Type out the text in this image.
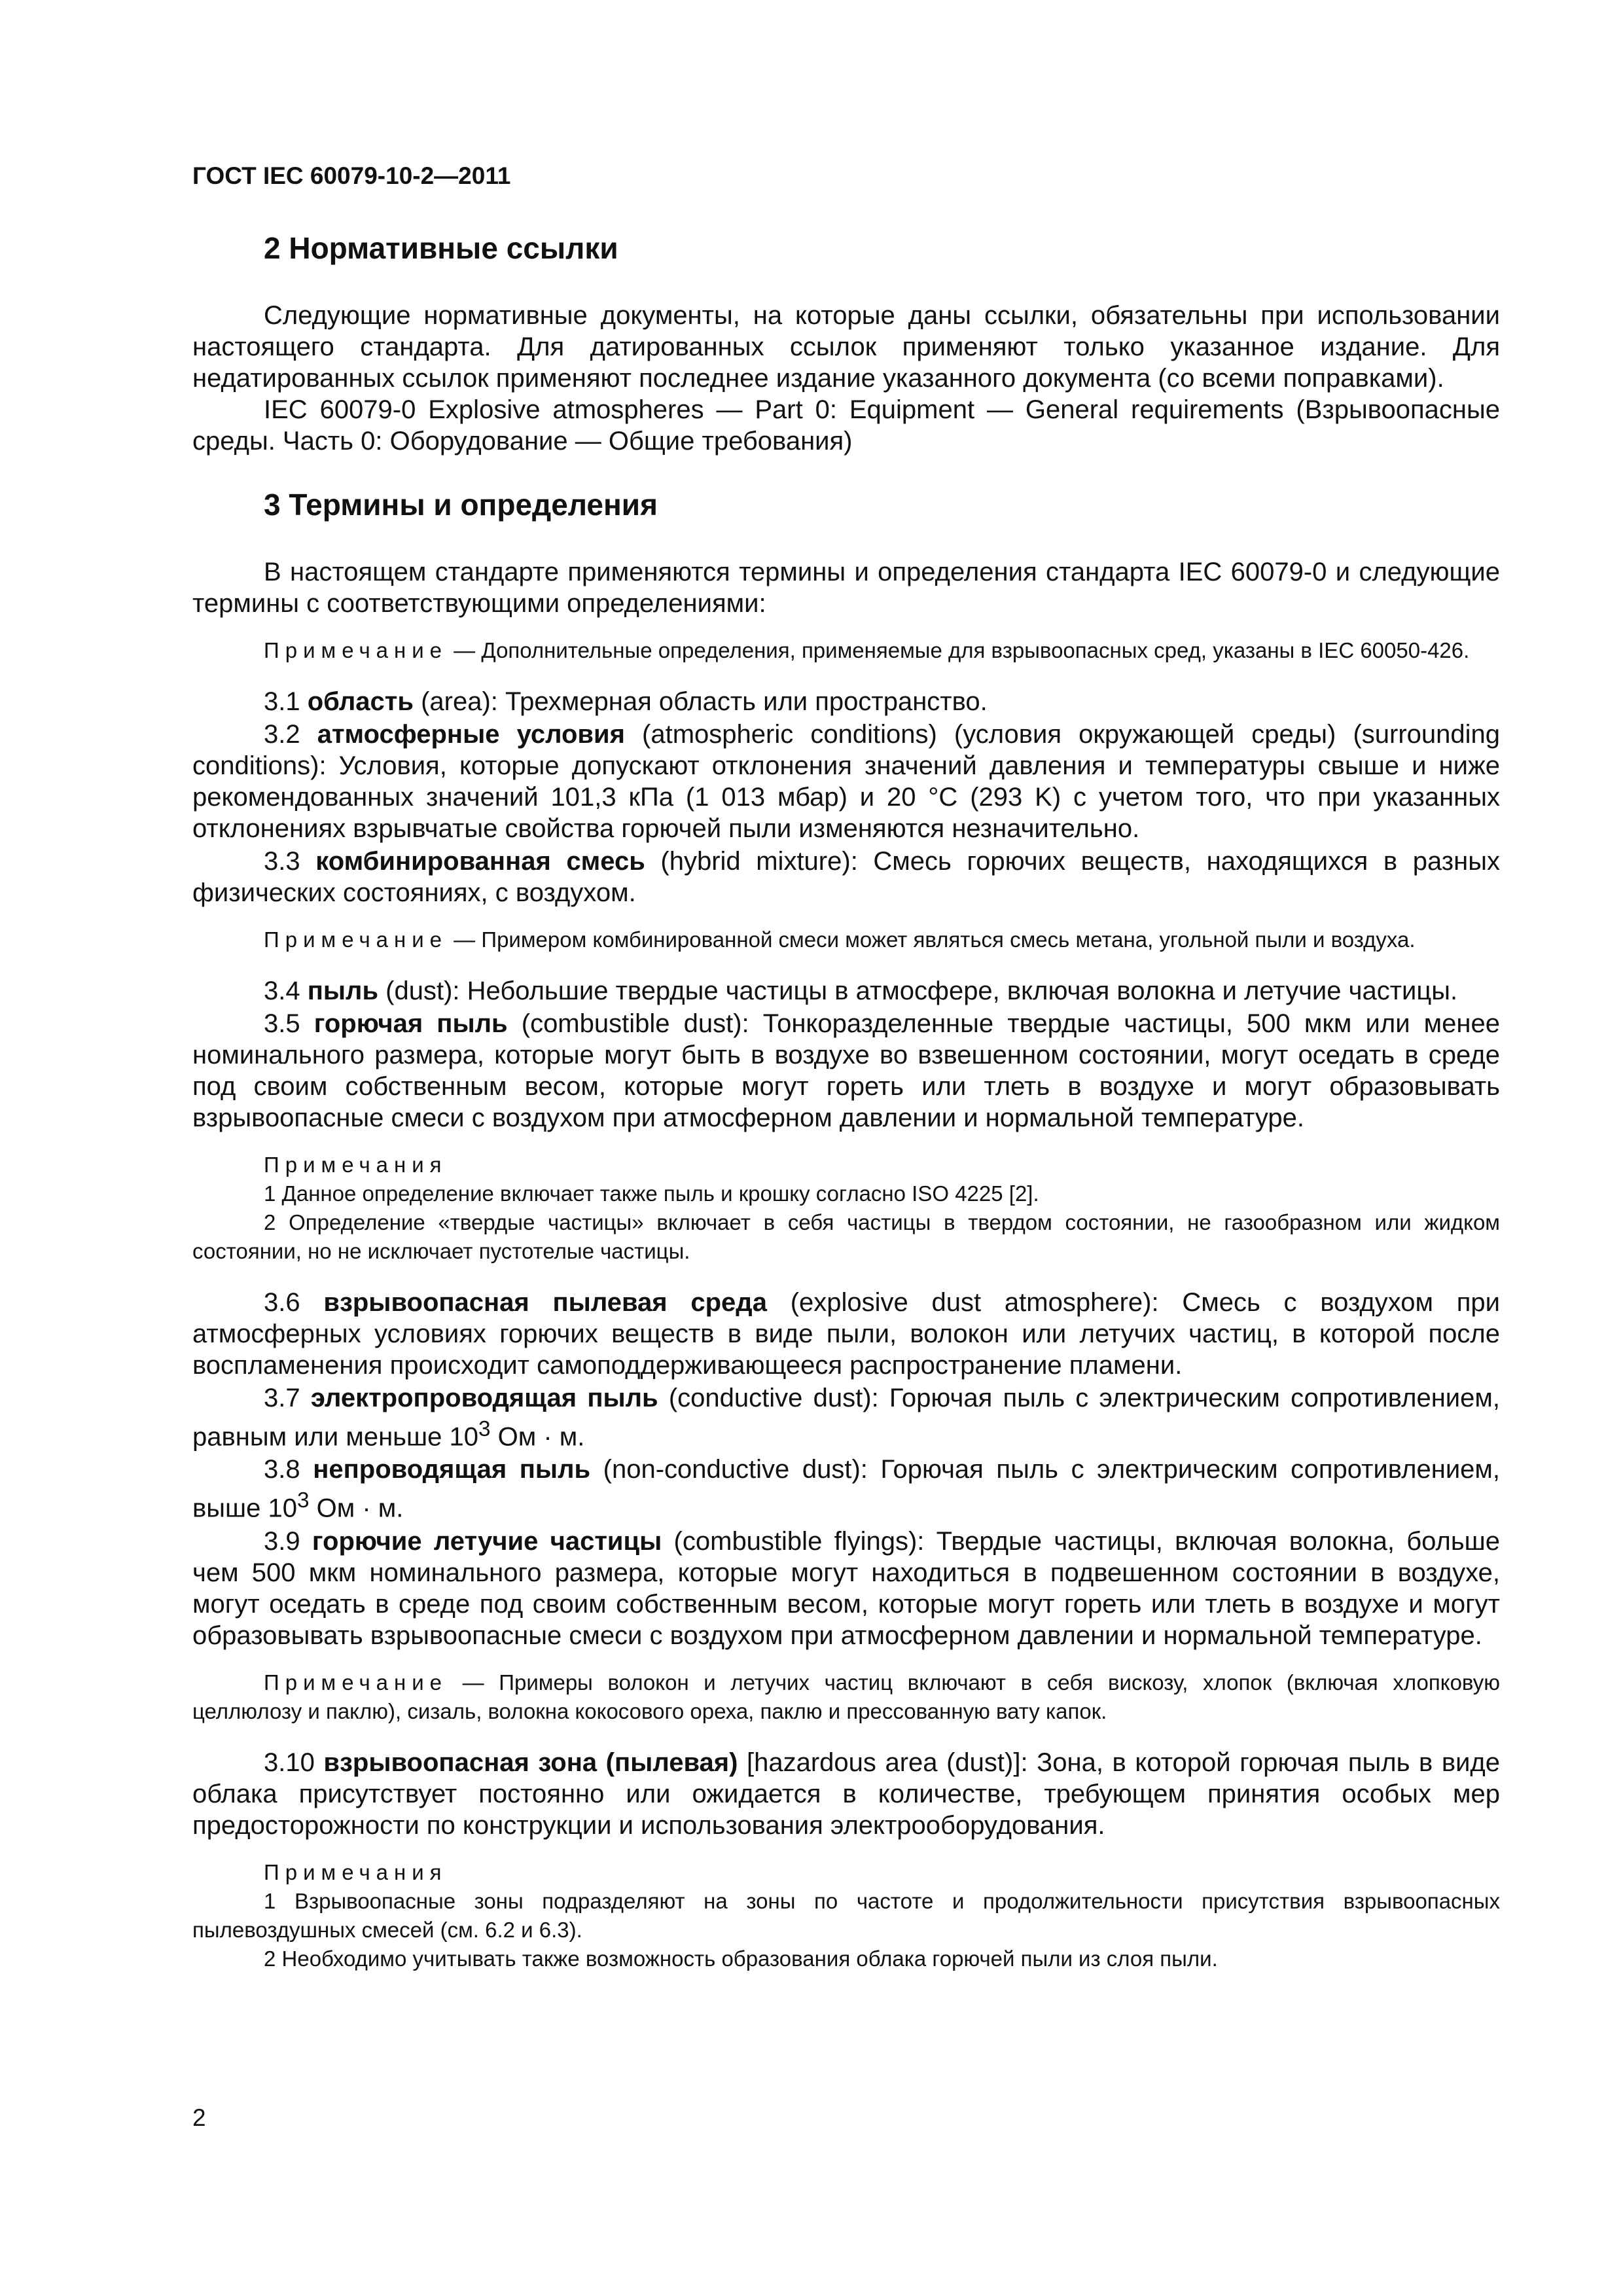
ГОСТ IEC 60079-10-2—2011
2 Нормативные ссылки

Следующие нормативные документы, на которые даны ссылки, обязательны при использовании настоящего стандарта. Для датированных ссылок применяют только указанное издание. Для недатированных ссылок применяют последнее издание указанного документа (со всеми поправками).

IEC 60079-0 Explosive atmospheres — Part 0: Equipment — General requirements (Взрывоопасные среды. Часть 0: Оборудование — Общие требования)

3 Термины и определения

В настоящем стандарте применяются термины и определения стандарта IEC 60079-0 и следующие термины с соответствующими определениями:

Примечание — Дополнительные определения, применяемые для взрывоопасных сред, указаны в IEC 60050-426.

3.1 область (area): Трехмерная область или пространство.

3.2 атмосферные условия (atmospheric conditions) (условия окружающей среды) (surrounding conditions): Условия, которые допускают отклонения значений давления и температуры свыше и ниже рекомендованных значений 101,3 кПа (1 013 мбар) и 20 °C (293 K) с учетом того, что при указанных отклонениях взрывчатые свойства горючей пыли изменяются незначительно.

3.3 комбинированная смесь (hybrid mixture): Смесь горючих веществ, находящихся в разных физических состояниях, с воздухом.

Примечание — Примером комбинированной смеси может являться смесь метана, угольной пыли и воздуха.

3.4 пыль (dust): Небольшие твердые частицы в атмосфере, включая волокна и летучие частицы.

3.5 горючая пыль (combustible dust): Тонкоразделенные твердые частицы, 500 мкм или менее номинального размера, которые могут быть в воздухе во взвешенном состоянии, могут оседать в среде под своим собственным весом, которые могут гореть или тлеть в воздухе и могут образовывать взрывоопасные смеси с воздухом при атмосферном давлении и нормальной температуре.

Примечания

1 Данное определение включает также пыль и крошку согласно ISO 4225 [2].

2 Определение «твердые частицы» включает в себя частицы в твердом состоянии, не газообразном или жидком состоянии, но не исключает пустотелые частицы.

3.6 взрывоопасная пылевая среда (explosive dust atmosphere): Смесь с воздухом при атмосферных условиях горючих веществ в виде пыли, волокон или летучих частиц, в которой после воспламенения происходит самоподдерживающееся распространение пламени.

3.7 электропроводящая пыль (conductive dust): Горючая пыль с электрическим сопротивлением, равным или меньше $10^3$ Ом · м.

3.8 непроводящая пыль (non-conductive dust): Горючая пыль с электрическим сопротивлением, выше $10^3$ Ом · м.

3.9 горючие летучие частицы (combustible flyings): Твердые частицы, включая волокна, больше чем 500 мкм номинального размера, которые могут находиться в подвешенном состоянии в воздухе, могут оседать в среде под своим собственным весом, которые могут гореть или тлеть в воздухе и могут образовывать взрывоопасные смеси с воздухом при атмосферном давлении и нормальной температуре.

Примечание — Примеры волокон и летучих частиц включают в себя вискозу, хлопок (включая хлопковую целлюлозу и паклю), сизаль, волокна кокосового ореха, паклю и прессованную вату капок.

3.10 взрывоопасная зона (пылевая) [hazardous area (dust)]: Зона, в которой горючая пыль в виде облака присутствует постоянно или ожидается в количестве, требующем принятия особых мер предосторожности по конструкции и использования электрооборудования.

Примечания

1 Взрывоопасные зоны подразделяют на зоны по частоте и продолжительности присутствия взрывоопасных пылевоздушных смесей (см. 6.2 и 6.3).

2 Необходимо учитывать также возможность образования облака горючей пыли из слоя пыли.

2
